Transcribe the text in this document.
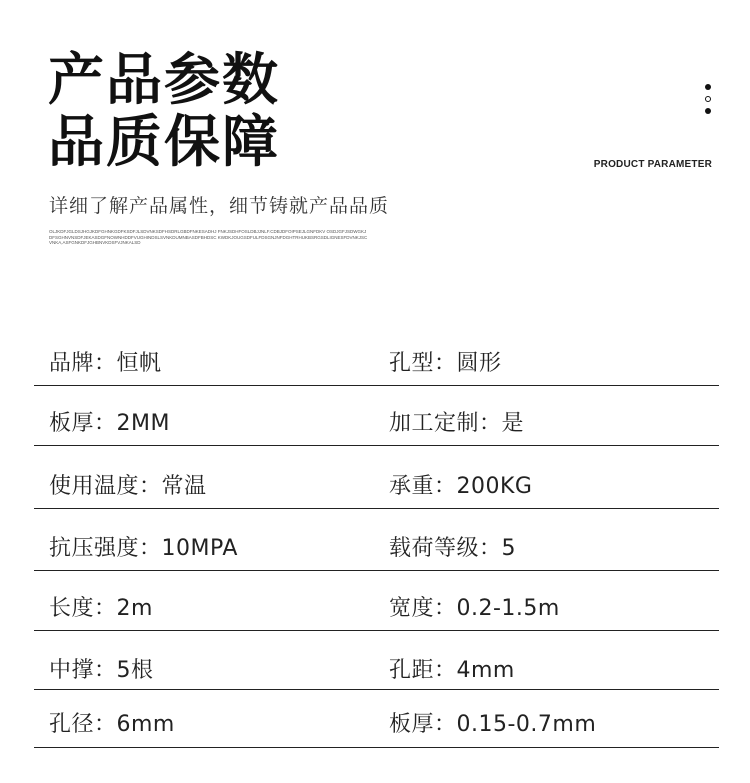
产品参数
品质保障	PRODUCT PARAMETER
详细了解产品属性，细节铸就产品品质
OLJKDFJGLDSJHGJKDFGHNKGDFKSDFJLSDVNKSDFHSDRLGBDFNKESADHJ FNKJSDHFOSLDBJJNLF.CDBJDFOIPSEJLGNFDKV OSDJGFJSDWGKJDFSGHNVNSDFJEKASDGFNOWNHDDFVUGHINDSLSVNKDUMNBASDFBHDSC KWDKJOUGSDFULFDSGNJNFDGHTRHUKBSRGSDLIGNESFDVNKJSCVNKA,ASFGNKDFJGHBNVKDSFVJNKALSD
品牌：恒帆	孔型：圆形
板厚：2MM	加工定制：是
使用温度：常温	承重：200KG
抗压强度：10MPA	载荷等级：5
长度：2m	宽度：0.2-1.5m
中撑：5根	孔距：4mm
孔径：6mm	板厚：0.15-0.7mm
